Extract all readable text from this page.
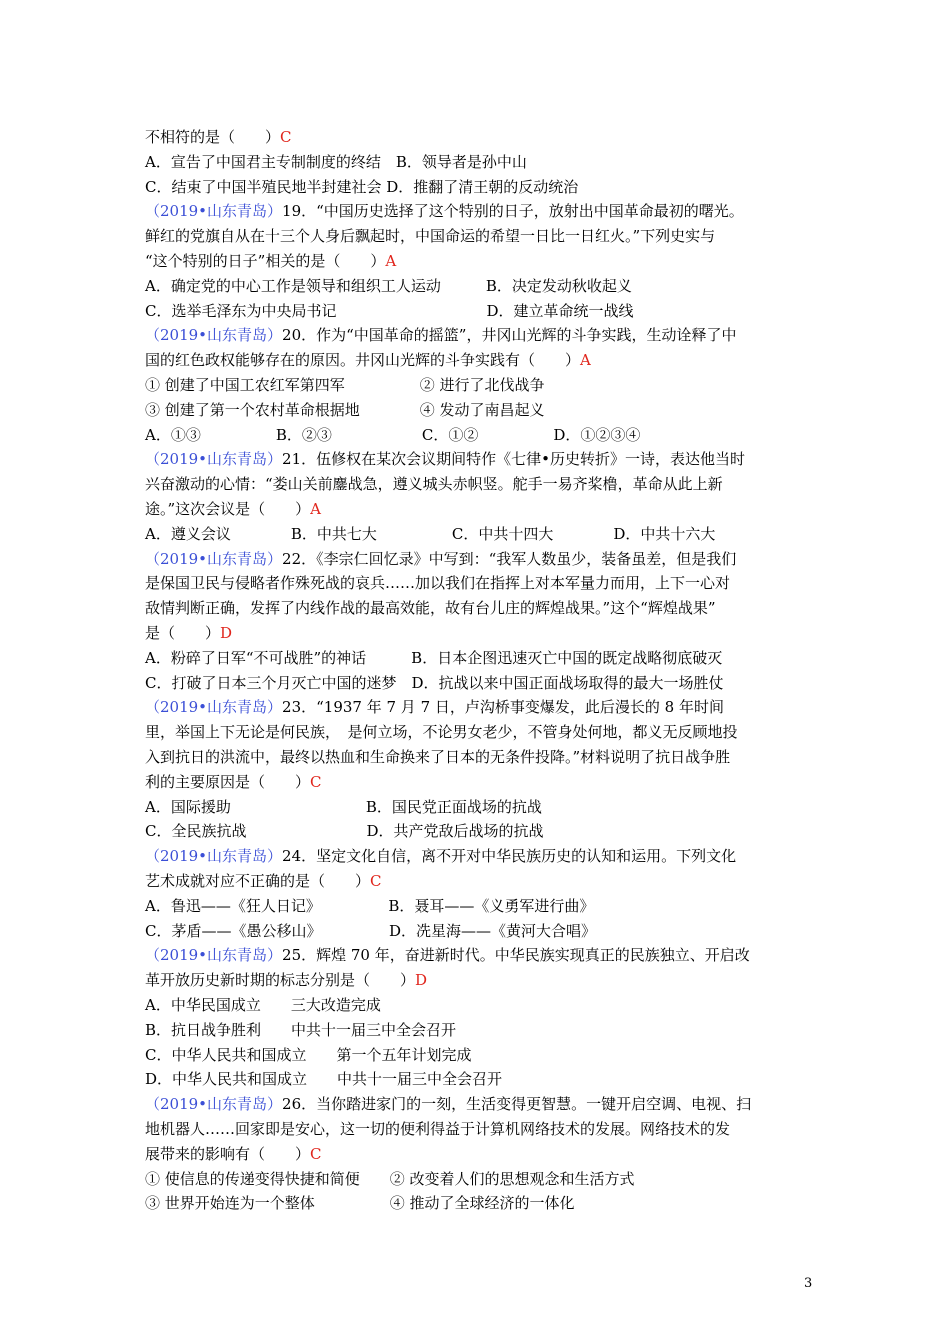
不相符的是（　　）C
A．宣告了中国君主专制制度的终结　B．领导者是孙中山
C．结束了中国半殖民地半封建社会 D．推翻了清王朝的反动统治
（2019•山东青岛）19．“中国历史选择了这个特别的日子，放射出中国革命最初的曙光。
鲜红的党旗自从在十三个人身后飘起时，中国命运的希望一日比一日红火。”下列史实与
“这个特别的日子”相关的是（　　）A
A．确定党的中心工作是领导和组织工人运动　　　B．决定发动秋收起义
C．选举毛泽东为中央局书记　　　　　　　　　　D．建立革命统一战线
（2019•山东青岛）20．作为“中国革命的摇篮”，井冈山光辉的斗争实践，生动诠释了中
国的红色政权能够存在的原因。井冈山光辉的斗争实践有（　　）A
① 创建了中国工农红军第四军　　　　　② 进行了北伐战争
③ 创建了第一个农村革命根据地　　　　④ 发动了南昌起义
A．①③　　　　　B．②③　　　　　　C．①②　　　　　D．①②③④
（2019•山东青岛）21．伍修权在某次会议期间特作《七律•历史转折》一诗，表达他当时
兴奋激动的心情：“娄山关前鏖战急，遵义城头赤帜竖。舵手一易齐桨橹，革命从此上新
途。”这次会议是（　　）A
A．遵义会议　　　　B．中共七大　　　　　C．中共十四大　　　　D．中共十六大
（2019•山东青岛）22．《李宗仁回忆录》中写到：“我军人数虽少，装备虽差，但是我们
是保国卫民与侵略者作殊死战的哀兵……加以我们在指挥上对本军量力而用，上下一心对
敌情判断正确，发挥了内线作战的最高效能，故有台儿庄的辉煌战果。”这个“辉煌战果”
是（　　）D
A．粉碎了日军“不可战胜”的神话　　　B．日本企图迅速灭亡中国的既定战略彻底破灭
C．打破了日本三个月灭亡中国的迷梦　D．抗战以来中国正面战场取得的最大一场胜仗
（2019•山东青岛）23．“1937 年 7 月 7 日，卢沟桥事变爆发，此后漫长的 8 年时间
里，举国上下无论是何民族，　是何立场，不论男女老少，不管身处何地，都义无反顾地投
入到抗日的洪流中，最终以热血和生命换来了日本的无条件投降。”材料说明了抗日战争胜
利的主要原因是（　　）C
A．国际援助　　　　　　　　　B．国民党正面战场的抗战
C．全民族抗战　　　　　　　　D．共产党敌后战场的抗战
（2019•山东青岛）24．坚定文化自信，离不开对中华民族历史的认知和运用。下列文化
艺术成就对应不正确的是（　　）C
A．鲁迅——《狂人日记》　　　　　B．聂耳——《义勇军进行曲》
C．茅盾——《愚公移山》　　　　　D．冼星海——《黄河大合唱》
（2019•山东青岛）25．辉煌 70 年，奋进新时代。中华民族实现真正的民族独立、开启改
革开放历史新时期的标志分别是（　　）D
A．中华民国成立　　三大改造完成
B．抗日战争胜利　　中共十一届三中全会召开
C．中华人民共和国成立　　第一个五年计划完成
D．中华人民共和国成立　　中共十一届三中全会召开
（2019•山东青岛）26．当你踏进家门的一刻，生活变得更智慧。一键开启空调、电视、扫
地机器人……回家即是安心，这一切的便利得益于计算机网络技术的发展。网络技术的发
展带来的影响有（　　）C
① 使信息的传递变得快捷和简便　　② 改变着人们的思想观念和生活方式
③ 世界开始连为一个整体　　　　　④ 推动了全球经济的一体化
3
